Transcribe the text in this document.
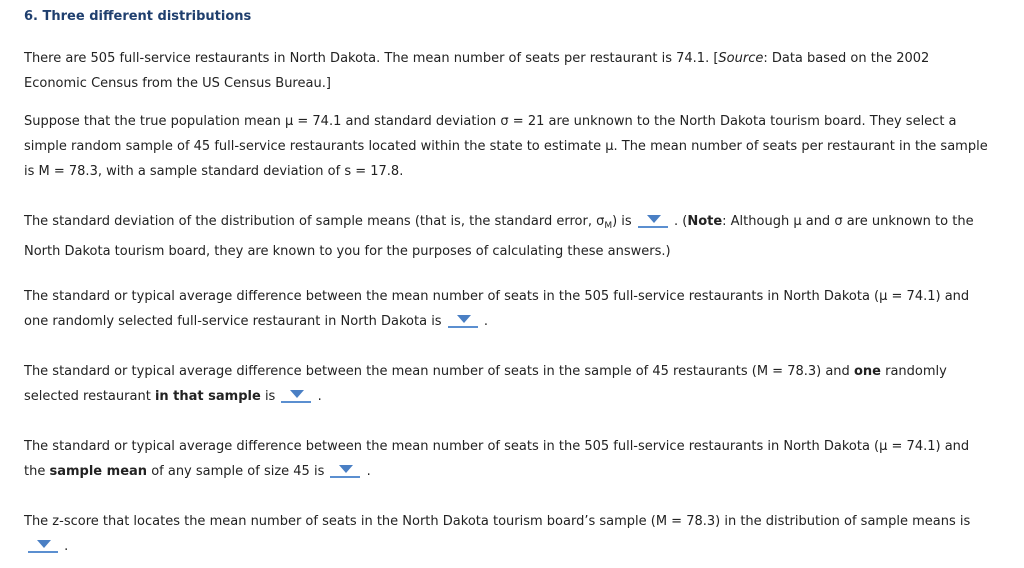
6. Three different distributions

There are 505 full-service restaurants in North Dakota. The mean number of seats per restaurant is 74.1. [Source: Data based on the 2002 Economic Census from the US Census Bureau.]

Suppose that the true population mean μ = 74.1 and standard deviation σ = 21 are unknown to the North Dakota tourism board. They select a simple random sample of 45 full-service restaurants located within the state to estimate μ. The mean number of seats per restaurant in the sample is M = 78.3, with a sample standard deviation of s = 17.8.

The standard deviation of the distribution of sample means (that is, the standard error, $\sigma_M$) is	. (Note: Although μ and σ are unknown to the North Dakota tourism board, they are known to you for the purposes of calculating these answers.)

The standard or typical average difference between the mean number of seats in the 505 full-service restaurants in North Dakota (μ = 74.1) and one randomly selected full-service restaurant in North Dakota is	.

The standard or typical average difference between the mean number of seats in the sample of 45 restaurants (M = 78.3) and one randomly selected restaurant in that sample is	.

The standard or typical average difference between the mean number of seats in the 505 full-service restaurants in North Dakota (μ = 74.1) and the sample mean of any sample of size 45 is	.

The z-score that locates the mean number of seats in the North Dakota tourism board’s sample (M = 78.3) in the distribution of sample means is

.
